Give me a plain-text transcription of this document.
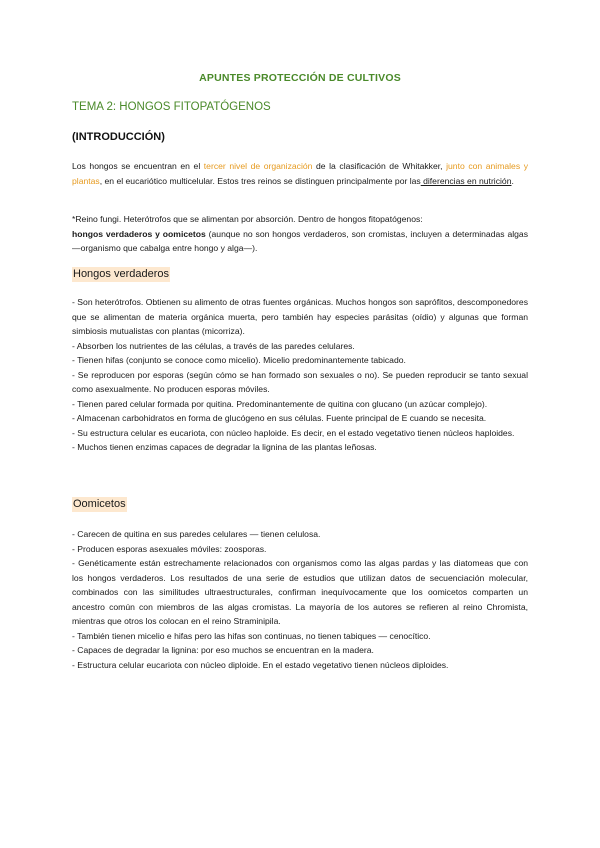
APUNTES PROTECCIÓN DE CULTIVOS
TEMA 2: HONGOS FITOPATÓGENOS
(INTRODUCCIÓN)

Los hongos se encuentran en el tercer nivel de organización de la clasificación de Whitakker, junto con animales y plantas, en el eucariótico multicelular. Estos tres reinos se distinguen principalmente por las diferencias en nutrición.

*Reino fungi. Heterótrofos que se alimentan por absorción. Dentro de hongos fitopatógenos:
hongos verdaderos y oomicetos (aunque no son hongos verdaderos, son cromistas, incluyen a determinadas algas —organismo que cabalga entre hongo y alga—).

Hongos verdaderos

- Son heterótrofos. Obtienen su alimento de otras fuentes orgánicas. Muchos hongos son saprófitos, descomponedores que se alimentan de materia orgánica muerta, pero también hay especies parásitas (oídio) y algunas que forman simbiosis mutualistas con plantas (micorriza).

- Absorben los nutrientes de las células, a través de las paredes celulares.

- Tienen hifas (conjunto se conoce como micelio). Micelio predominantemente tabicado.

- Se reproducen por esporas (según cómo se han formado son sexuales o no). Se pueden reproducir se tanto sexual como asexualmente. No producen esporas móviles.

- Tienen pared celular formada por quitina. Predominantemente de quitina con glucano (un azúcar complejo).

- Almacenan carbohidratos en forma de glucógeno en sus células. Fuente principal de E cuando se necesita.

- Su estructura celular es eucariota, con núcleo haploide. Es decir, en el estado vegetativo tienen núcleos haploides.

- Muchos tienen enzimas capaces de degradar la lignina de las plantas leñosas.

Oomicetos

- Carecen de quitina en sus paredes celulares — tienen celulosa.

- Producen esporas asexuales móviles: zoosporas.

- Genéticamente están estrechamente relacionados con organismos como las algas pardas y las diatomeas que con los hongos verdaderos. Los resultados de una serie de estudios que utilizan datos de secuenciación molecular, combinados con las similitudes ultraestructurales, confirman inequívocamente que los oomicetos comparten un ancestro común con miembros de las algas cromistas. La mayoría de los autores se refieren al reino Chromista, mientras que otros los colocan en el reino Straminipila.

- También tienen micelio e hifas pero las hifas son continuas, no tienen tabiques — cenocítico.

- Capaces de degradar la lignina: por eso muchos se encuentran en la madera.

- Estructura celular eucariota con núcleo diploide. En el estado vegetativo tienen núcleos diploides.
